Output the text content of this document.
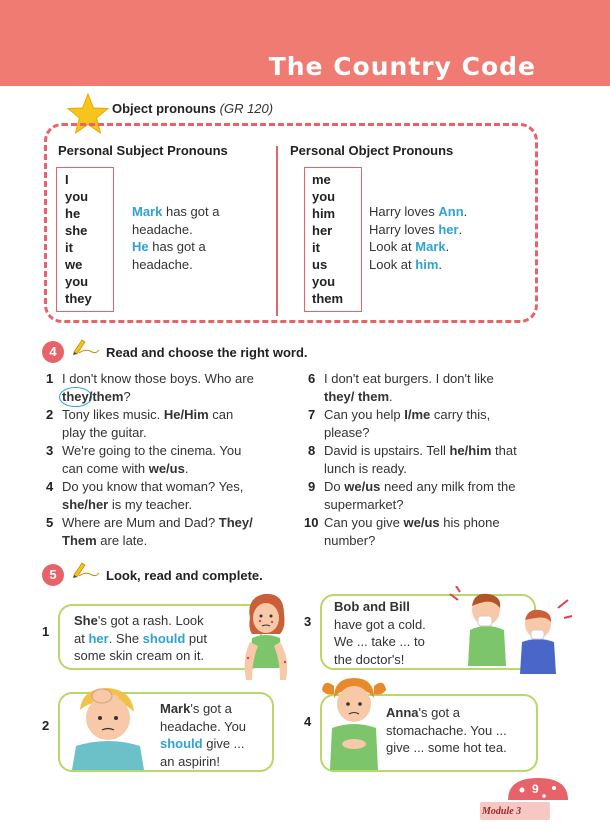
The Country Code
Object pronouns (GR 120)
Personal Subject Pronouns	Personal Object Pronouns
I
you
he
she
it
we
you
they
Mark has got a
headache.
He has got a
headache.
me
you
him
her
it
us
you
them
Harry loves Ann.
Harry loves her.
Look at Mark.
Look at him.
4	Read and choose the right word.
1 I don't know those boys. Who are
they/them?
2 Tony likes music. He/Him can
play the guitar.
3 We're going to the cinema. You
can come with we/us.
4 Do you know that woman? Yes,
she/her is my teacher.
5 Where are Mum and Dad? They/
Them are late.
6 I don't eat burgers. I don't like
they/ them.
7 Can you help I/me carry this,
please?
8 David is upstairs. Tell he/him that
lunch is ready.
9 Do we/us need any milk from the
supermarket?
10 Can you give we/us his phone
number?
5	Look, read and complete.
1
She's got a rash. Look
at her. She should put
some skin cream on it.
3
Bob and Bill
have got a cold.
We ... take ... to
the doctor's!
2
Mark's got a
headache. You
should give ...
an aspirin!
4
Anna's got a
stomachache. You ...
give ... some hot tea.
9
Module 3
